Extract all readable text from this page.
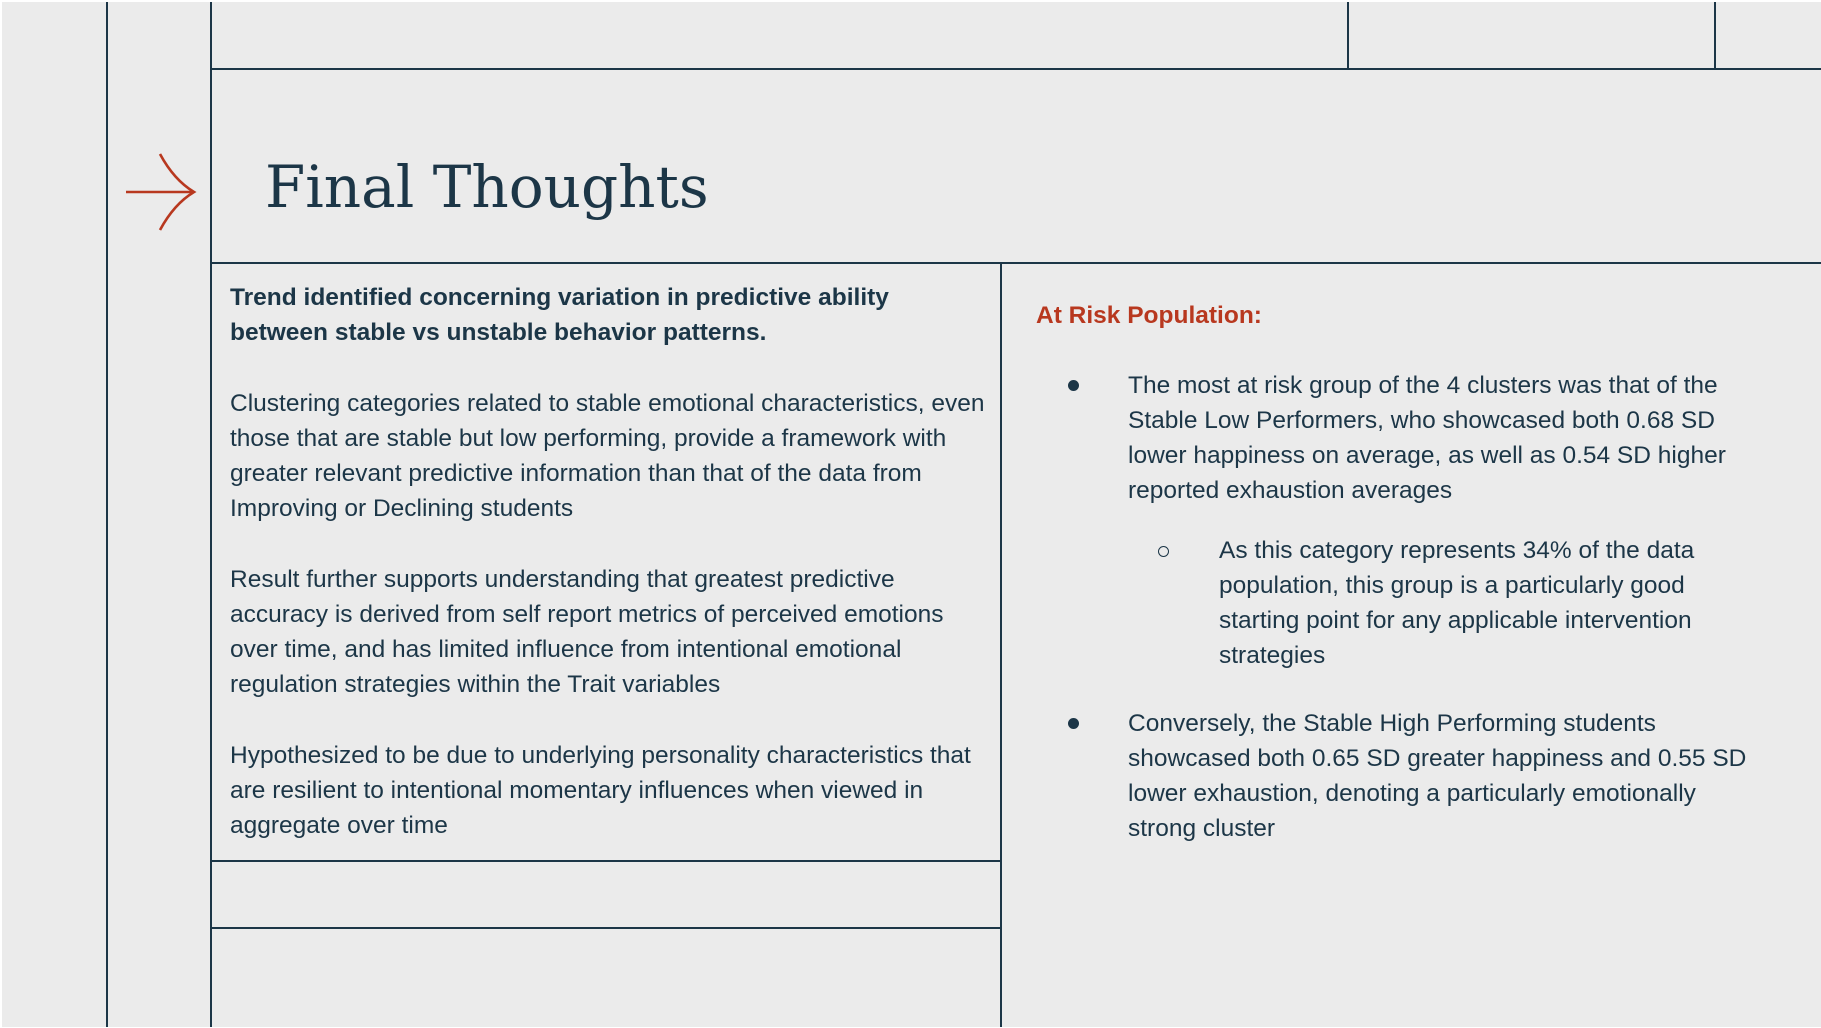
Final Thoughts

Trend identified concerning variation in predictive ability between stable vs unstable behavior patterns.

Clustering categories related to stable emotional characteristics, even those that are stable but low performing, provide a framework with greater relevant predictive information than that of the data from Improving or Declining students

Result further supports understanding that greatest predictive accuracy is derived from self report metrics of perceived emotions over time, and has limited influence from intentional emotional regulation strategies within the Trait variables

Hypothesized to be due to underlying personality characteristics that are resilient to intentional momentary influences when viewed in aggregate over time

At Risk Population:

The most at risk group of the 4 clusters was that of the Stable Low Performers, who showcased both 0.68 SD lower happiness on average, as well as 0.54 SD higher reported exhaustion averages

As this category represents 34% of the data population, this group is a particularly good starting point for any applicable intervention strategies

Conversely, the Stable High Performing students showcased both 0.65 SD greater happiness and 0.55 SD lower exhaustion, denoting a particularly emotionally strong cluster
